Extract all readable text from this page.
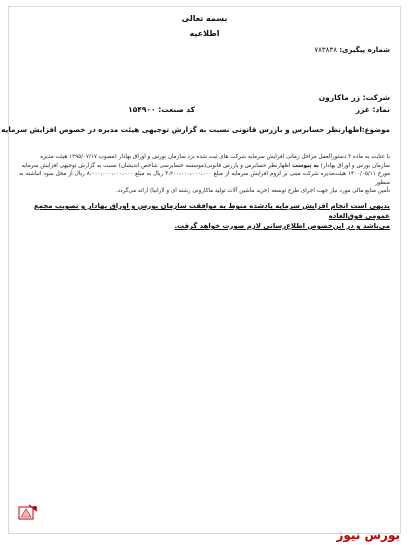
بسمه تعالی
اطلاعیه
شماره پیگیری: ۷۸۳۸۳۸
شرکت: زر ماکارون
نماد: غزر
کد صنعت: ۱۵۴۹۰۰
موضوع:اظهارنظر حسابرس و بازرس قانونی نسبت به گزارش توجیهی هیئت مدیره در خصوص افزایش سرمایه

با عنایت به ماده ۳ دستورالعمل مراحل زمانی افزایش سرمایه شرکت های ثبت شده نزد سازمان بورس و اوراق بهادار (مصوب ۱۳۹۵/۰۷/۱۷ هیئت مدیره

سازمان بورس و اوراق بهادار) به پیوست اظهارنظر حسابرس و بازرس قانونی(موسسه حسابرسی شاخص اندیشان) نسبت به گزارش توجیهی افزایش سرمایه

مورخ ۱۴۰۰/۰۵/۱۱ هیئت‌مدیره شرکت مبنی بر لزوم افزایش سرمایه از مبلغ ۳،۲۰۰،۰۰۰،۰۰۰،۰۰۰ ریال به مبلغ ۸،۰۰۰،۰۰۰،۰۰۰،۰۰۰ ریال از محل سود انباشته به منظور

تأمین منابع مالی مورد نیاز جهت اجرای طرح توسعه (خرید ماشین آلات تولید ماکارونی رشته ای و لازانیا) ارائه می‌گردد.

بدیهی است انجام افزایش سرمایه یادشده منوط به موافقت سازمان بورس و اوراق بهادار و تصویب مجمع عمومی فوق‌العاده
می‌باشد و در این‌خصوص اطلاع‌رسانی لازم صورت خواهد گرفت.
بورس نیوز
